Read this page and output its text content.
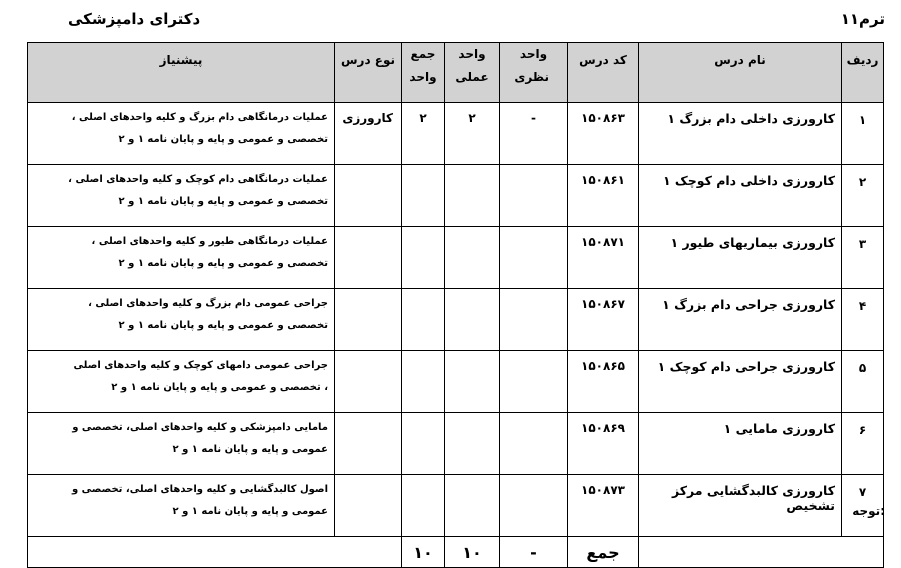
ترم۱۱
دکترای دامپزشکی
ردیف	نام درس	کد درس	واحد نظری	واحد عملی	جمع واحد	نوع درس	پیشنیاز
۱	کارورزی داخلی دام بزرگ ۱	۱۵۰۸۶۳	-	۲	۲	کارورزی	عملیات درمانگاهی دام بزرگ و کلیه واحدهای اصلی ،
تخصصی و عمومی و پایه و پایان نامه ۱ و ۲

۲	کارورزی داخلی دام کوچک ۱	۱۵۰۸۶۱					عملیات درمانگاهی دام کوچک و کلیه واحدهای اصلی ،
تخصصی و عمومی و پایه و پایان نامه ۱ و ۲

۳	کارورزی بیماریهای طیور ۱	۱۵۰۸۷۱					عملیات درمانگاهی طیور و کلیه واحدهای اصلی ،
تخصصی و عمومی و پایه و پایان نامه ۱ و ۲

۴	کارورزی جراحی دام بزرگ ۱	۱۵۰۸۶۷					جراحی عمومی دام بزرگ و کلیه واحدهای اصلی ،
تخصصی و عمومی و پایه و پایان نامه ۱ و ۲

۵	کارورزی جراحی دام کوچک ۱	۱۵۰۸۶۵					جراحی عمومی دامهای کوچک و کلیه واحدهای اصلی
، تخصصی و عمومی و پایه و پایان نامه ۱ و ۲

۶	کارورزی مامایی ۱	۱۵۰۸۶۹					مامایی دامپزشکی و کلیه واحدهای اصلی، تخصصی و
عمومی و پایه و پایان نامه ۱ و ۲

۷	کارورزی کالبدگشایی مرکز تشخیص	۱۵۰۸۷۳					اصول کالبدگشایی و کلیه واحدهای اصلی، تخصصی و
عمومی و پایه و پایان نامه ۱ و ۲

		جمع	-	۱۰	۱۰		
توجه:
